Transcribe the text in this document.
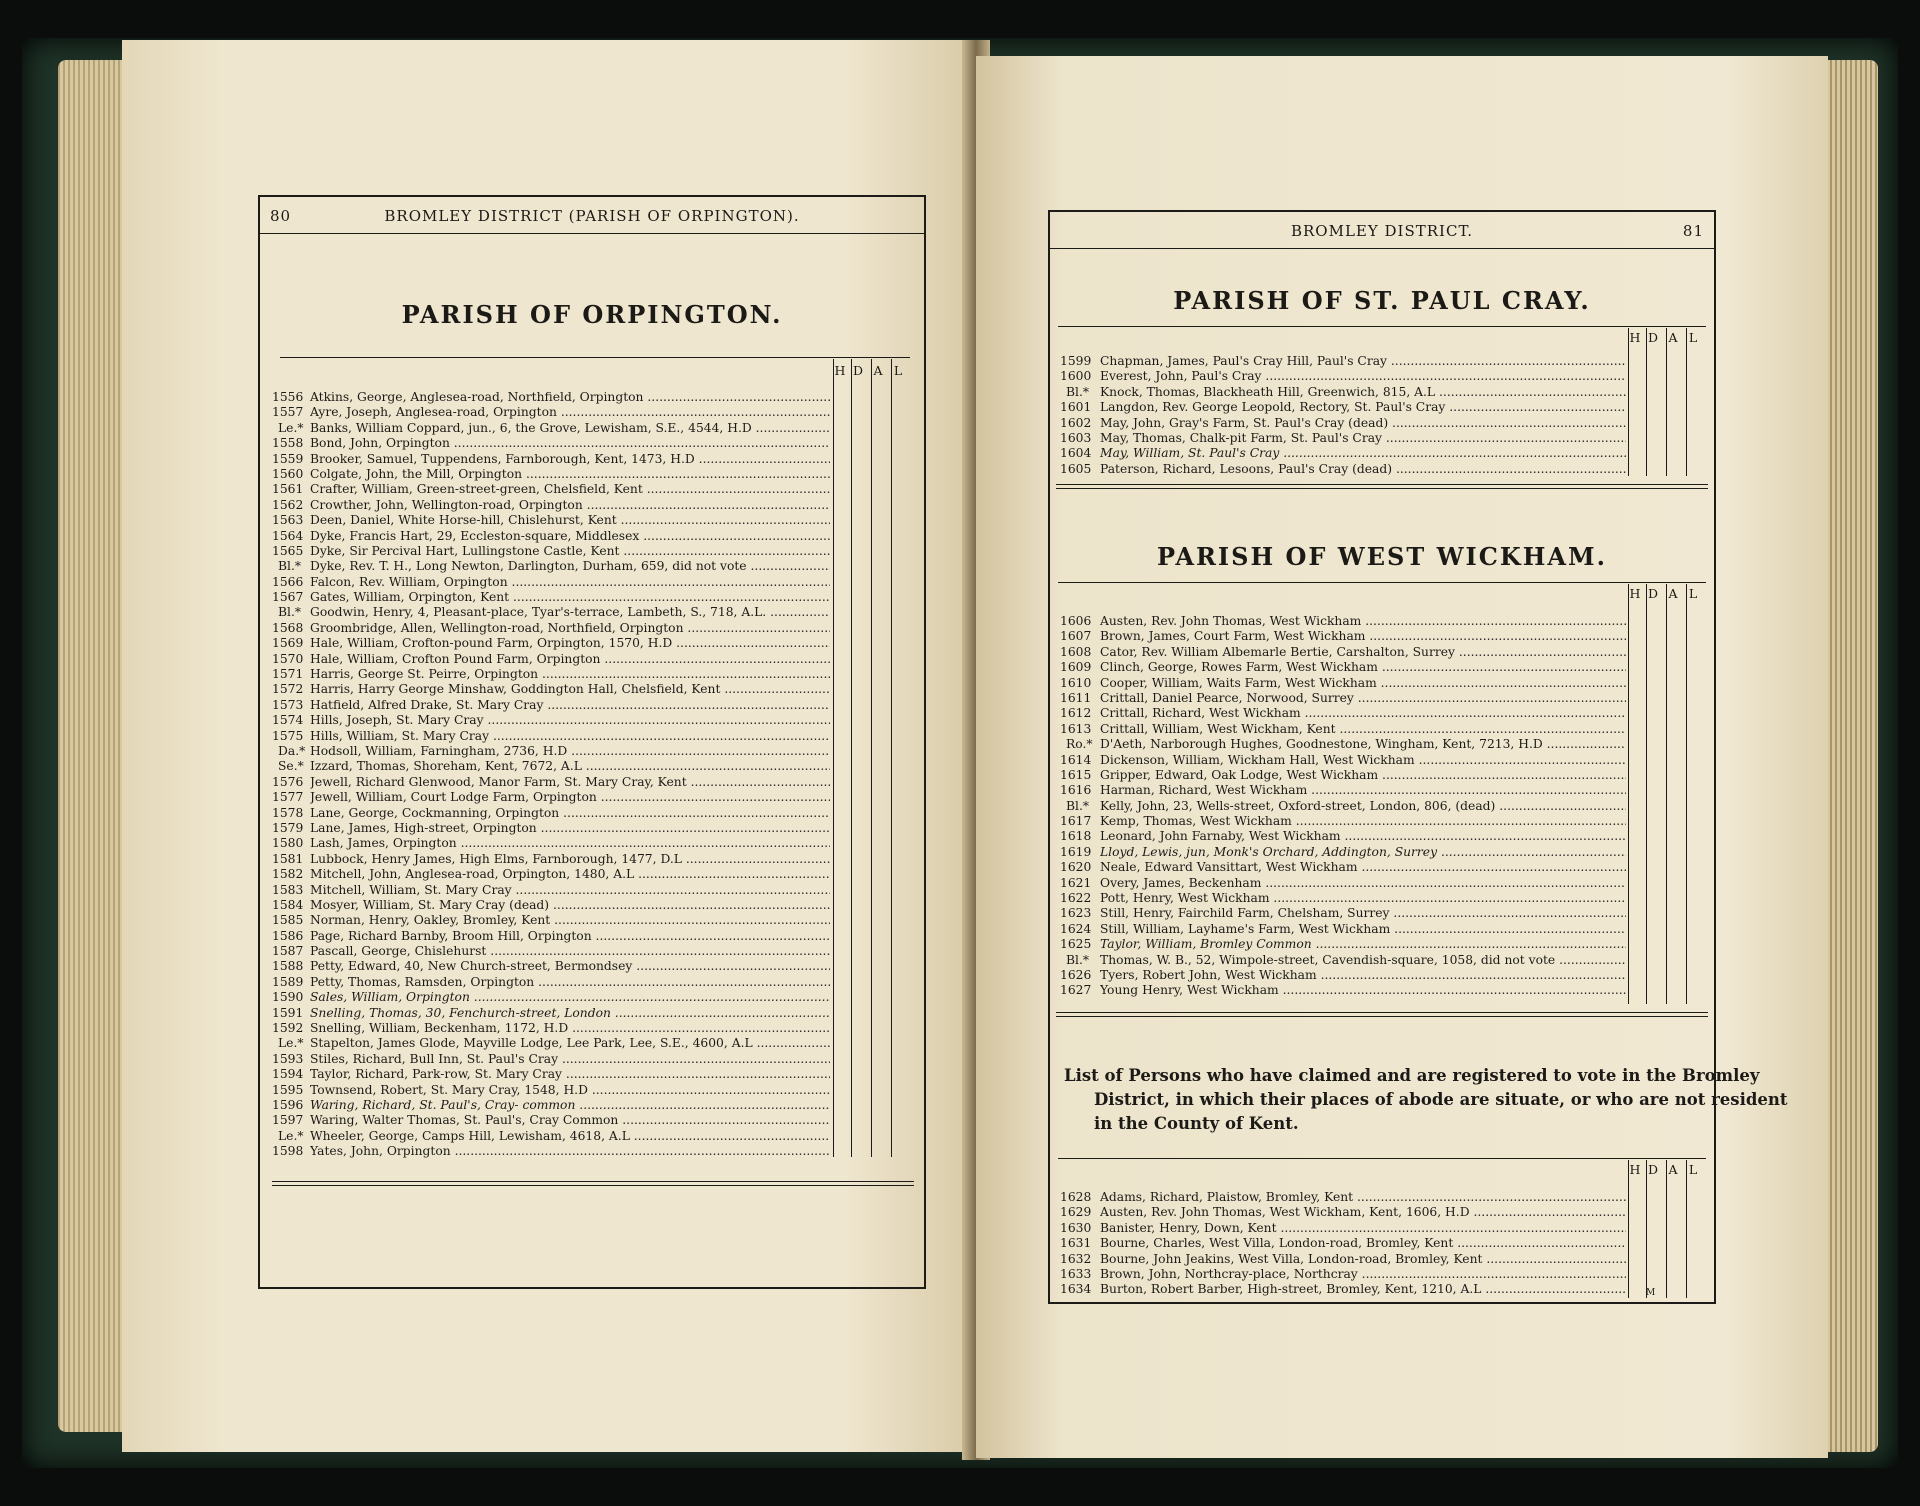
80	BROMLEY DISTRICT (PARISH OF ORPINGTON).
PARISH OF ORPINGTON.
H D A L
1556 Atkins, George, Anglesea-road, Northfield, Orpington .....
1557 Ayre, Joseph, Anglesea-road, Orpington .....
Le.* Banks, William Coppard, jun., 6, the Grove, Lewisham, S.E., 4544, H.D .....
1558 Bond, John, Orpington .....
1559 Brooker, Samuel, Tuppendens, Farnborough, Kent, 1473, H.D .....
1560 Colgate, John, the Mill, Orpington .....
1561 Crafter, William, Green-street-green, Chelsfield, Kent .....
1562 Crowther, John, Wellington-road, Orpington .....
1563 Deen, Daniel, White Horse-hill, Chislehurst, Kent .....
1564 Dyke, Francis Hart, 29, Eccleston-square, Middlesex .....
1565 Dyke, Sir Percival Hart, Lullingstone Castle, Kent .....
Bl.* Dyke, Rev. T. H., Long Newton, Darlington, Durham, 659, did not vote .....
1566 Falcon, Rev. William, Orpington .....
1567 Gates, William, Orpington, Kent .....
Bl.* Goodwin, Henry, 4, Pleasant-place, Tyar's-terrace, Lambeth, S., 718, A.L. .....
1568 Groombridge, Allen, Wellington-road, Northfield, Orpington .....
1569 Hale, William, Crofton-pound Farm, Orpington, 1570, H.D .....
1570 Hale, William, Crofton Pound Farm, Orpington .....
1571 Harris, George St. Peirre, Orpington .....
1572 Harris, Harry George Minshaw, Goddington Hall, Chelsfield, Kent .....
1573 Hatfield, Alfred Drake, St. Mary Cray .....
1574 Hills, Joseph, St. Mary Cray .....
1575 Hills, William, St. Mary Cray .....
Da.* Hodsoll, William, Farningham, 2736, H.D .....
Se.* Izzard, Thomas, Shoreham, Kent, 7672, A.L .....
1576 Jewell, Richard Glenwood, Manor Farm, St. Mary Cray, Kent .....
1577 Jewell, William, Court Lodge Farm, Orpington .....
1578 Lane, George, Cockmanning, Orpington .....
1579 Lane, James, High-street, Orpington .....
1580 Lash, James, Orpington .....
1581 Lubbock, Henry James, High Elms, Farnborough, 1477, D.L .....
1582 Mitchell, John, Anglesea-road, Orpington, 1480, A.L .....
1583 Mitchell, William, St. Mary Cray .....
1584 Mosyer, William, St. Mary Cray (dead) .....
1585 Norman, Henry, Oakley, Bromley, Kent .....
1586 Page, Richard Barnby, Broom Hill, Orpington .....
1587 Pascall, George, Chislehurst .....
1588 Petty, Edward, 40, New Church-street, Bermondsey .....
1589 Petty, Thomas, Ramsden, Orpington .....
1590 Sales, William, Orpington .....
1591 Snelling, Thomas, 30, Fenchurch-street, London .....
1592 Snelling, William, Beckenham, 1172, H.D .....
Le.* Stapelton, James Glode, Mayville Lodge, Lee Park, Lee, S.E., 4600, A.L .....
1593 Stiles, Richard, Bull Inn, St. Paul's Cray .....
1594 Taylor, Richard, Park-row, St. Mary Cray .....
1595 Townsend, Robert, St. Mary Cray, 1548, H.D .....
1596 Waring, Richard, St. Paul's, Cray- common .....
1597 Waring, Walter Thomas, St. Paul's, Cray Common .....
Le.* Wheeler, George, Camps Hill, Lewisham, 4618, A.L .....
1598 Yates, John, Orpington .....
BROMLEY DISTRICT.	81
PARISH OF ST. PAUL CRAY.
H D A L
1599 Chapman, James, Paul's Cray Hill, Paul's Cray .....
1600 Everest, John, Paul's Cray .....
Bl.* Knock, Thomas, Blackheath Hill, Greenwich, 815, A.L .....
1601 Langdon, Rev. George Leopold, Rectory, St. Paul's Cray .....
1602 May, John, Gray's Farm, St. Paul's Cray (dead) .....
1603 May, Thomas, Chalk-pit Farm, St. Paul's Cray .....
1604 May, William, St. Paul's Cray .....
1605 Paterson, Richard, Lesoons, Paul's Cray (dead) .....
PARISH OF WEST WICKHAM.
H D A L
1606 Austen, Rev. John Thomas, West Wickham .....
1607 Brown, James, Court Farm, West Wickham .....
1608 Cator, Rev. William Albemarle Bertie, Carshalton, Surrey .....
1609 Clinch, George, Rowes Farm, West Wickham .....
1610 Cooper, William, Waits Farm, West Wickham .....
1611 Crittall, Daniel Pearce, Norwood, Surrey .....
1612 Crittall, Richard, West Wickham .....
1613 Crittall, William, West Wickham, Kent .....
Ro.* D'Aeth, Narborough Hughes, Goodnestone, Wingham, Kent, 7213, H.D .....
1614 Dickenson, William, Wickham Hall, West Wickham .....
1615 Gripper, Edward, Oak Lodge, West Wickham .....
1616 Harman, Richard, West Wickham .....
Bl.* Kelly, John, 23, Wells-street, Oxford-street, London, 806, (dead) .....
1617 Kemp, Thomas, West Wickham .....
1618 Leonard, John Farnaby, West Wickham .....
1619 Lloyd, Lewis, jun, Monk's Orchard, Addington, Surrey .....
1620 Neale, Edward Vansittart, West Wickham .....
1621 Overy, James, Beckenham .....
1622 Pott, Henry, West Wickham .....
1623 Still, Henry, Fairchild Farm, Chelsham, Surrey .....
1624 Still, William, Layhame's Farm, West Wickham .....
1625 Taylor, William, Bromley Common .....
Bl.* Thomas, W. B., 52, Wimpole-street, Cavendish-square, 1058, did not vote .....
1626 Tyers, Robert John, West Wickham .....
1627 Young Henry, West Wickham .....
List of Persons who have claimed and are registered to vote in the Bromley
District, in which their places of abode are situate, or who are not resident
in the County of Kent.
H D A L
1628 Adams, Richard, Plaistow, Bromley, Kent .....
1629 Austen, Rev. John Thomas, West Wickham, Kent, 1606, H.D .....
1630 Banister, Henry, Down, Kent .....
1631 Bourne, Charles, West Villa, London-road, Bromley, Kent .....
1632 Bourne, John Jeakins, West Villa, London-road, Bromley, Kent .....
1633 Brown, John, Northcray-place, Northcray .....
1634 Burton, Robert Barber, High-street, Bromley, Kent, 1210, A.L .....	M
